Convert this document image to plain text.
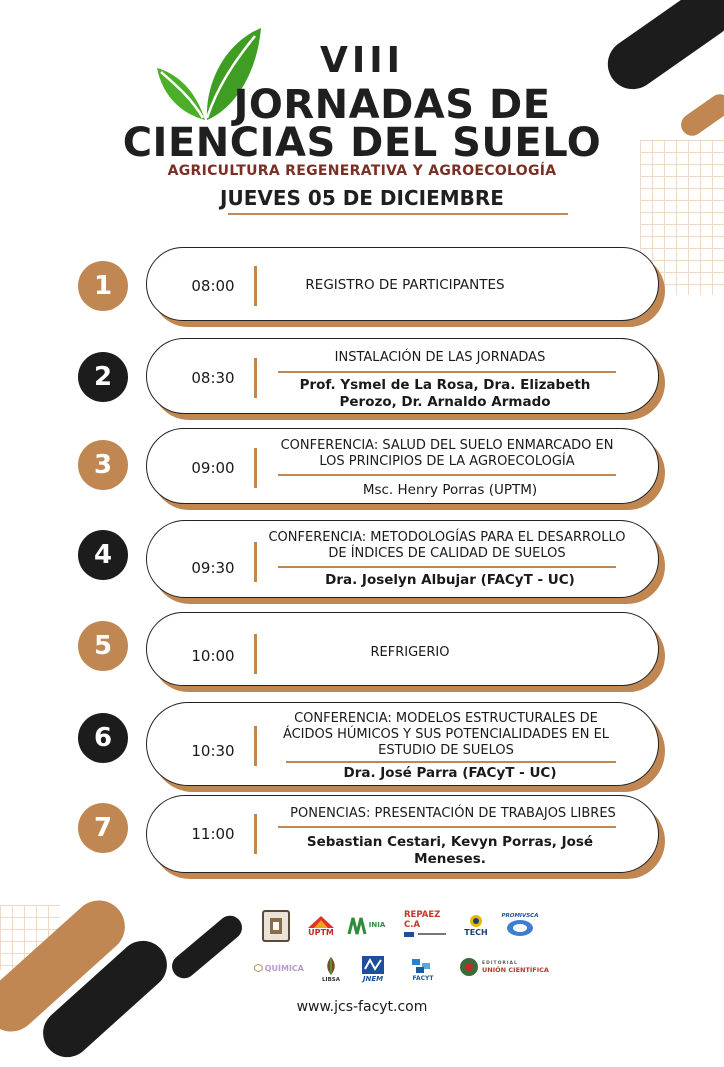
VIII
JORNADAS DE
CIENCIAS DEL SUELO
AGRICULTURA REGENERATIVA Y AGROECOLOGÍA
JUEVES 05 DE DICIEMBRE
1	08:00	REGISTRO DE PARTICIPANTES
2	08:30
INSTALACIÓN DE LAS JORNADAS
Prof. Ysmel de La Rosa, Dra. Elizabeth Perozo, Dr. Arnaldo Armado
3	09:00
CONFERENCIA: SALUD DEL SUELO ENMARCADO EN LOS PRINCIPIOS DE LA AGROECOLOGÍA
Msc. Henry Porras (UPTM)
4	09:30
CONFERENCIA: METODOLOGÍAS PARA EL DESARROLLO DE ÍNDICES DE CALIDAD DE SUELOS
Dra. Joselyn Albujar (FACyT - UC)
5	10:00	REFRIGERIO
6	10:30
CONFERENCIA: MODELOS ESTRUCTURALES DE ÁCIDOS HÚMICOS Y SUS POTENCIALIDADES EN EL ESTUDIO DE SUELOS
Dra. José Parra (FACyT - UC)
7	11:00
PONENCIAS: PRESENTACIÓN DE TRABAJOS LIBRES
Sebastian Cestari, Kevyn Porras, José Meneses.
UPTM
INIA
REPAEZ C.A
TECH
PROMIVSCA
QUÍMICA
LIBSA	JNEM	FACYT
EDITORIAL
UNIÓN CIENTÍFICA
www.jcs-facyt.com
